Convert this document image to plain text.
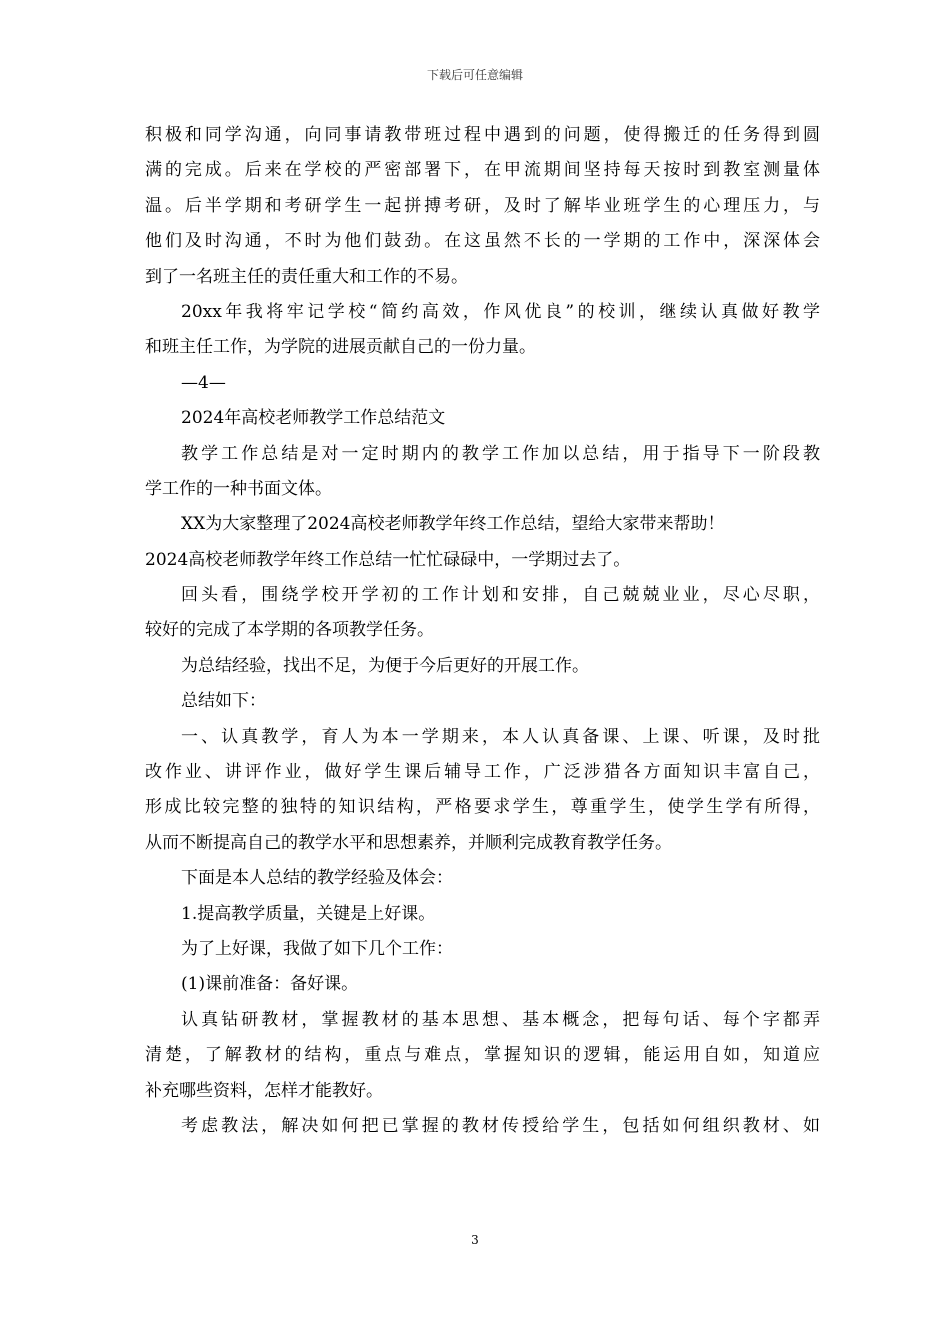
下载后可任意编辑
积极和同学沟通，向同事请教带班过程中遇到的问题，使得搬迁的任务得到圆
满的完成。后来在学校的严密部署下，在甲流期间坚持每天按时到教室测量体
温。后半学期和考研学生一起拼搏考研，及时了解毕业班学生的心理压力，与
他们及时沟通，不时为他们鼓劲。在这虽然不长的一学期的工作中，深深体会
到了一名班主任的责任重大和工作的不易。
20xx年我将牢记学校“简约高效，作风优良”的校训，继续认真做好教学
和班主任工作，为学院的进展贡献自己的一份力量。
—4—
2024年高校老师教学工作总结范文
教学工作总结是对一定时期内的教学工作加以总结，用于指导下一阶段教
学工作的一种书面文体。
XX为大家整理了2024高校老师教学年终工作总结，望给大家带来帮助！
2024高校老师教学年终工作总结一忙忙碌碌中，一学期过去了。
回头看，围绕学校开学初的工作计划和安排，自己兢兢业业，尽心尽职，
较好的完成了本学期的各项教学任务。
为总结经验，找出不足，为便于今后更好的开展工作。
总结如下：
一、认真教学，育人为本一学期来，本人认真备课、上课、听课，及时批
改作业、讲评作业，做好学生课后辅导工作，广泛涉猎各方面知识丰富自己，
形成比较完整的独特的知识结构，严格要求学生，尊重学生，使学生学有所得，
从而不断提高自己的教学水平和思想素养，并顺利完成教育教学任务。
下面是本人总结的教学经验及体会：
1.提高教学质量，关键是上好课。
为了上好课，我做了如下几个工作：
(1)课前准备：备好课。
认真钻研教材，掌握教材的基本思想、基本概念，把每句话、每个字都弄
清楚，了解教材的结构，重点与难点，掌握知识的逻辑，能运用自如，知道应
补充哪些资料，怎样才能教好。
考虑教法，解决如何把已掌握的教材传授给学生，包括如何组织教材、如
3
